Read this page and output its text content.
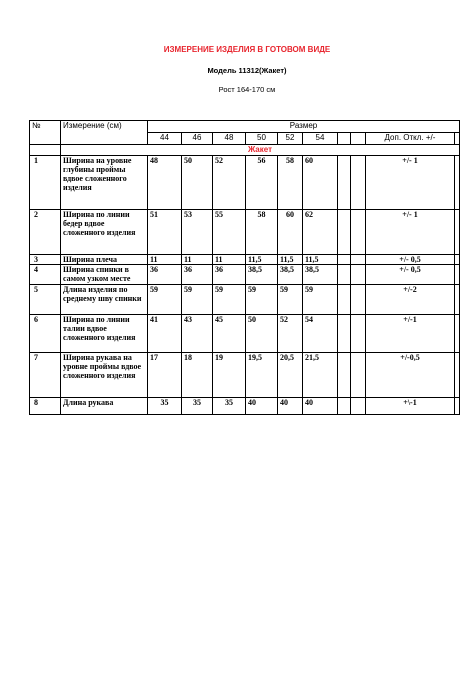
ИЗМЕРЕНИЕ ИЗДЕЛИЯ В ГОТОВОМ ВИДЕ
Модель 11312(Жакет)
Рост 164-170 см
№	Измерение (см)	Размер									
		44	46	48	50	52	54			Доп. Откл. +/-	
	Жакет										
1	Ширина на уровне глубины проймы вдвое сложенного изделия	48	50	52	56	58	60			+/- 1	
2	Ширина по линии бедер вдвое сложенного изделия	51	53	55	58	60	62			+/- 1	
3	Ширина плеча	11	11	11	11,5	11,5	11,5			+/- 0,5	
4	Ширина спинки в самом узком месте	36	36	36	38,5	38,5	38,5			+/- 0,5	
5	Длина изделия по среднему шву спинки	59	59	59	59	59	59			+/-2	
6	Ширина по линии талии вдвое сложенного изделия	41	43	45	50	52	54			+/-1	
7	Ширина рукава на уровне проймы вдвое сложенного изделия	17	18	19	19,5	20,5	21,5			+/-0,5	
8	Длина рукава	35	35	35	40	40	40			+\-1	
